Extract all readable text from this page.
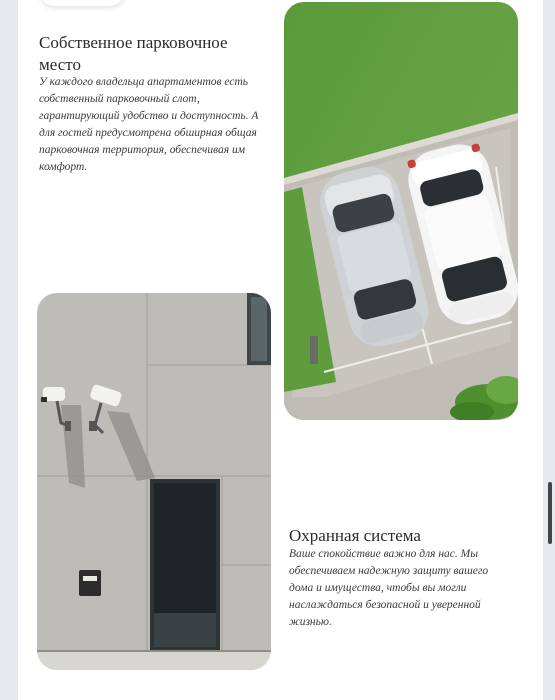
Собственное парковочное место

У каждого владельца апартаментов есть собственный парковочный слот, гарантирующий удобство и доступность. А для гостей предусмотрена обширная общая парковочная территория, обеспечивая им комфорт.

Охранная система

Ваше спокойствие важно для нас. Мы обеспечиваем надежную защиту вашего дома и имущества, чтобы вы могли наслаждаться безопасной и уверенной жизнью.
